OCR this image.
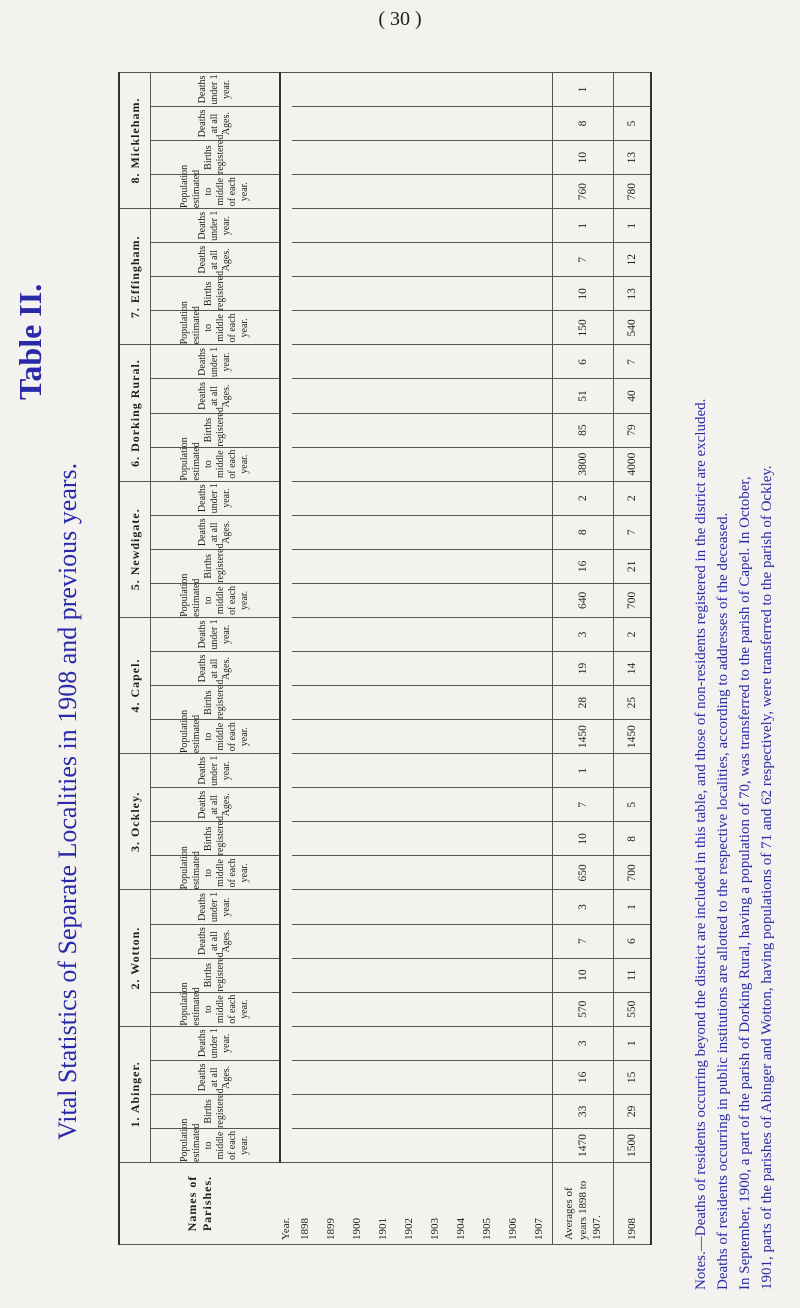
( 30 )
Table II.
Vital Statistics of Separate Localities in 1908 and previous years.
Names of Parishes.	1. Abinger.				2. Wotton.				3. Ockley.				4. Capel.				5. Newdigate.				6. Dorking Rural.				7. Effingham.				8. Mickleham.			
	Population estimated to middle of each year.	Births registered.	Deaths at all Ages.	Deaths under 1 year.	Population estimated to middle of each year.	Births registered.	Deaths at all Ages.	Deaths under 1 year.	Population estimated to middle of each year.	Births registered.	Deaths at all Ages.	Deaths under 1 year.	Population estimated to middle of each year.	Births registered.	Deaths at all Ages.	Deaths under 1 year.	Population estimated to middle of each year.	Births registered.	Deaths at all Ages.	Deaths under 1 year.	Population estimated to middle of each year.	Births registered.	Deaths at all Ages.	Deaths under 1 year.	Population estimated to middle of each year.	Births registered.	Deaths at all Ages.	Deaths under 1 year.	Population estimated to middle of each year.	Births registered.	Deaths at all Ages.	Deaths under 1 year.
Year.																																
1898																																
1899																																
1900																																
1901																																
1902																																
1903																																
1904																																
1905																																
1906																																
1907																																
Averages of years 1898 to 1907.	1470	33	16	3	570	10	7	3	650	10	7	1	1450	28	19	3	640	16	8	2	3800	85	51	6	150	10	7	1	760	10	8	1
1908	1500	29	15	1	550	11	6	1	700	8	5		1450	25	14	2	700	21	7	2	4000	79	40	7	540	13	12	1	780	13	5	

Notes.—Deaths of residents occurring beyond the district are included in this table, and those of non-residents registered in the district are excluded. Deaths of residents occurring in public institutions are allotted to the respective localities, according to addresses of the deceased. In September, 1900, a part of the parish of Dorking Rural, having a population of 70, was transferred to the parish of Capel. In October, 1901, parts of the parishes of Abinger and Wotton, having populations of 71 and 62 respectively, were transferred to the parish of Ockley.
